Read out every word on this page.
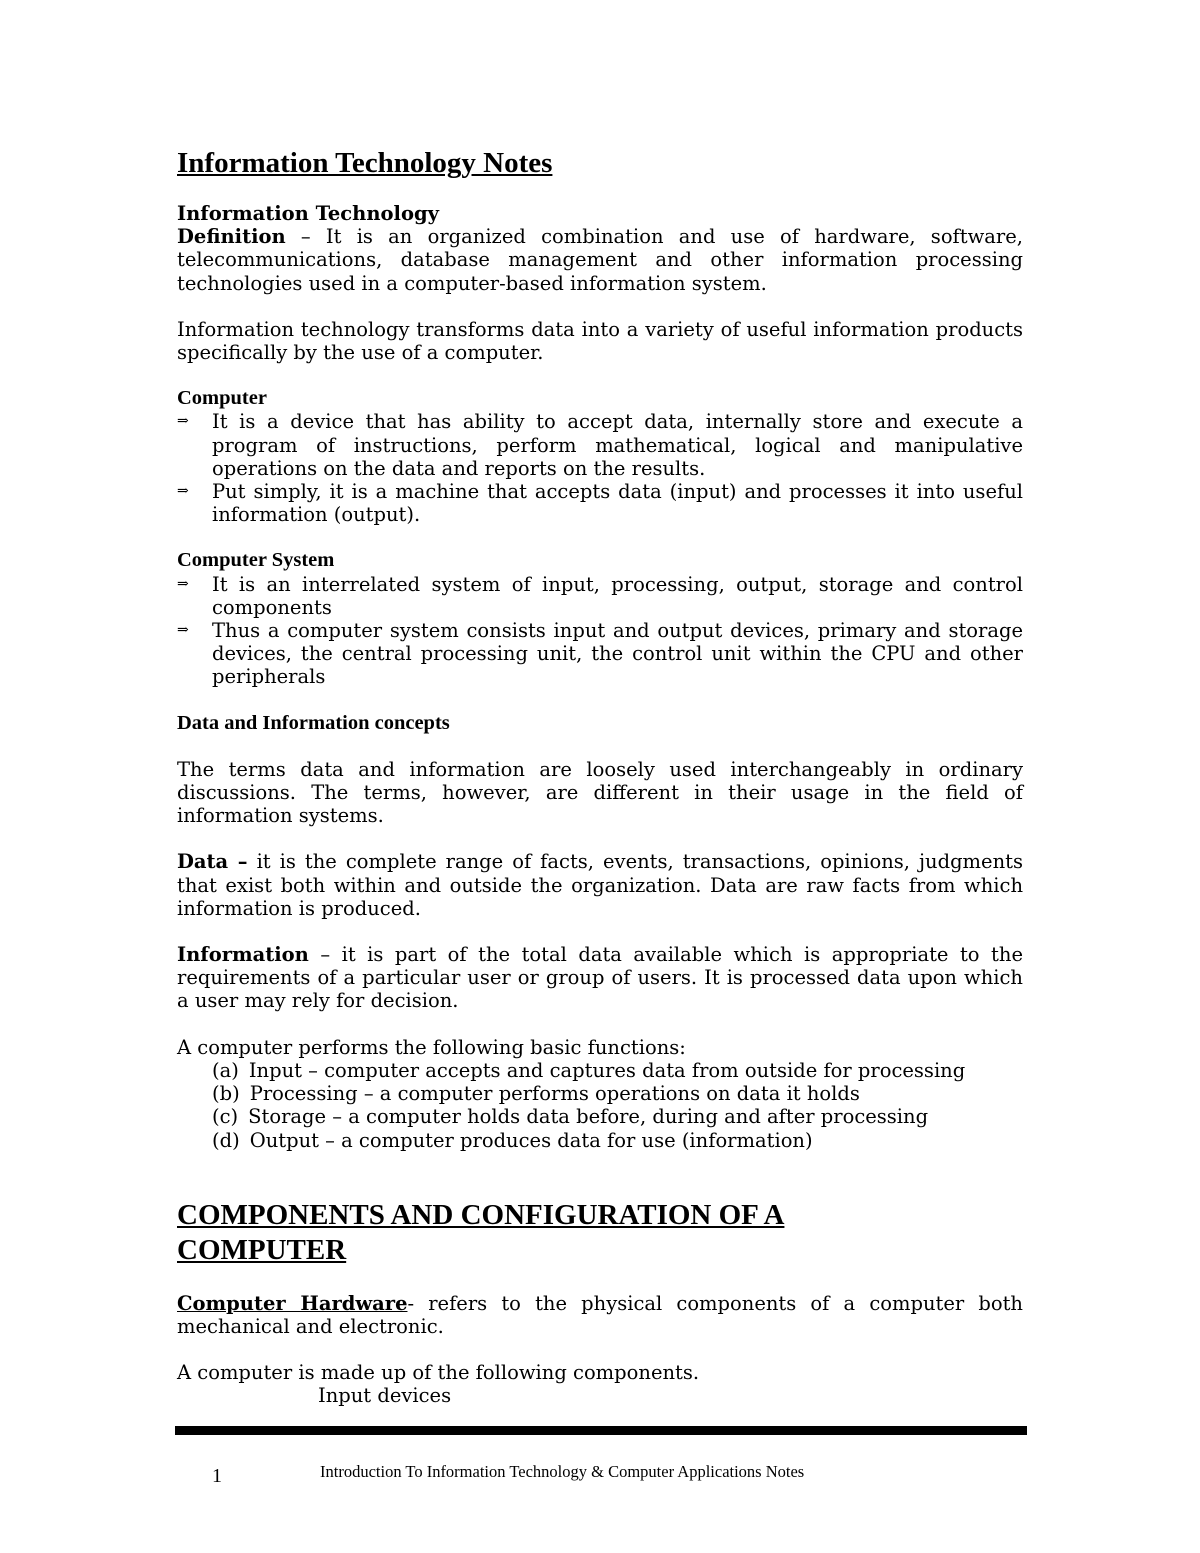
Information Technology Notes
Information Technology

Definition – It is an organized combination and use of hardware, software, telecommunications, database management and other information processing technologies used in a computer-based information system.

Information technology transforms data into a variety of useful information products specifically by the use of a computer.

Computer
⇒	It is a device that has ability to accept data, internally store and execute a program of instructions, perform mathematical, logical and manipulative operations on the data and reports on the results.
⇒	Put simply, it is a machine that accepts data (input) and processes it into useful information (output).
Computer System
⇒	It is an interrelated system of input, processing, output, storage and control components
⇒	Thus a computer system consists input and output devices, primary and storage devices, the central processing unit, the control unit within the CPU and other peripherals
Data and Information concepts

The terms data and information are loosely used interchangeably in ordinary discussions. The terms, however, are different in their usage in the field of information systems.

Data – it is the complete range of facts, events, transactions, opinions, judgments that exist both within and outside the organization. Data are raw facts from which information is produced.

Information – it is part of the total data available which is appropriate to the requirements of a particular user or group of users. It is processed data upon which a user may rely for decision.

A computer performs the following basic functions:

(a) Input – computer accepts and captures data from outside for processing
(b) Processing – a computer performs operations on data it holds
(c) Storage – a computer holds data before, during and after processing
(d) Output – a computer produces data for use (information)
COMPONENTS AND CONFIGURATION OF A COMPUTER

Computer Hardware- refers to the physical components of a computer both mechanical and electronic.

A computer is made up of the following components.

Input devices

1	Introduction To Information Technology & Computer Applications Notes
